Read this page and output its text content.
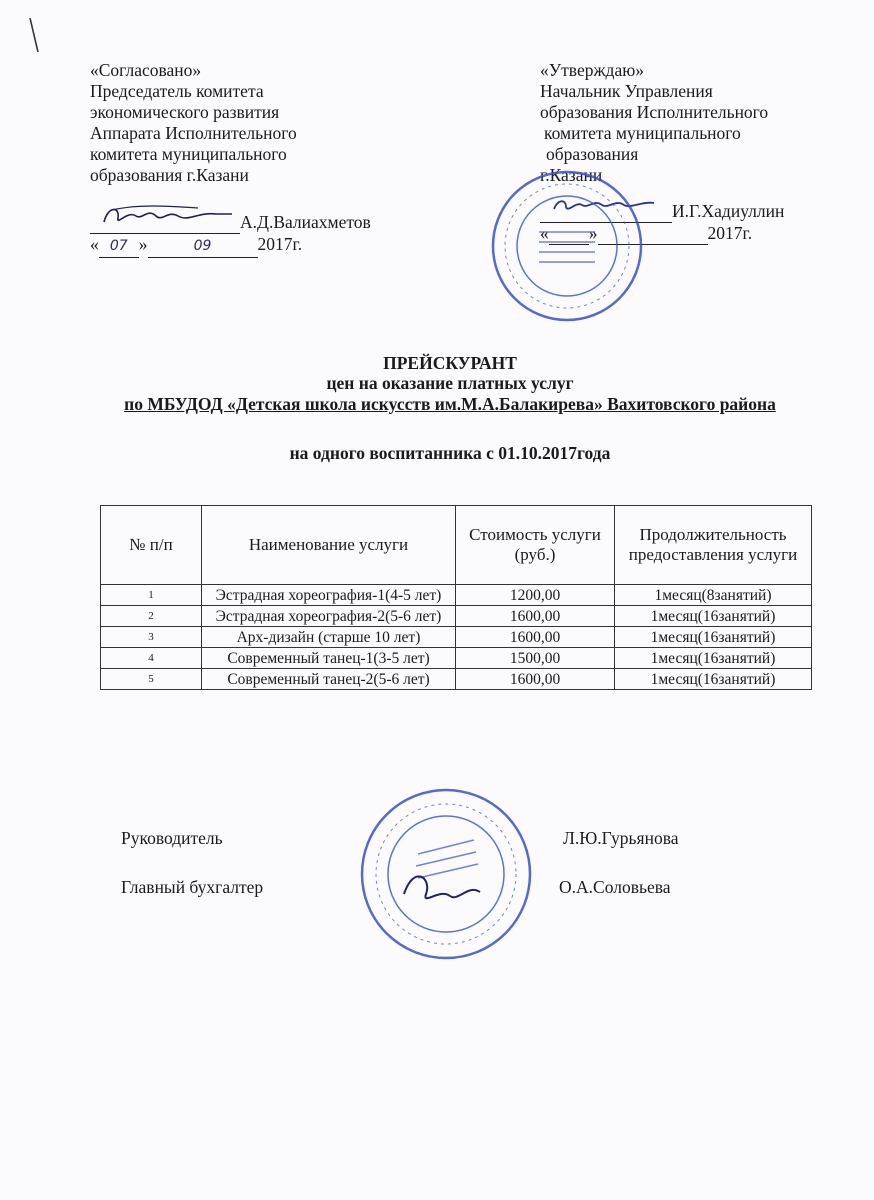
«Согласовано»
Председатель комитета
экономического развития
Аппарата Исполнительного
комитета муниципального
образования г.Казани
А.Д.Валиахметов
« 07 »	09	2017г.
«Утверждаю»
Начальник Управления
образования Исполнительного
комитета муниципального
образования
г.Казани
И.Г.Хадиуллин
« »	2017г.
ПРЕЙСКУРАНТ
цен на оказание платных услуг
по МБУДОД «Детская школа искусств им.М.А.Балакирева» Вахитовского района
на одного воспитанника с 01.10.2017года
№ п/п	Наименование услуги	Стоимость услуги (руб.)	Продолжительность предоставления услуги
1	Эстрадная хореография-1(4-5 лет)	1200,00	1месяц(8занятий)
2	Эстрадная хореография-2(5-6 лет)	1600,00	1месяц(16занятий)
3	Арх-дизайн (старше 10 лет)	1600,00	1месяц(16занятий)
4	Современный танец-1(3-5 лет)	1500,00	1месяц(16занятий)
5	Современный танец-2(5-6 лет)	1600,00	1месяц(16занятий)
Руководитель	Л.Ю.Гурьянова
Главный бухгалтер	О.А.Соловьева
